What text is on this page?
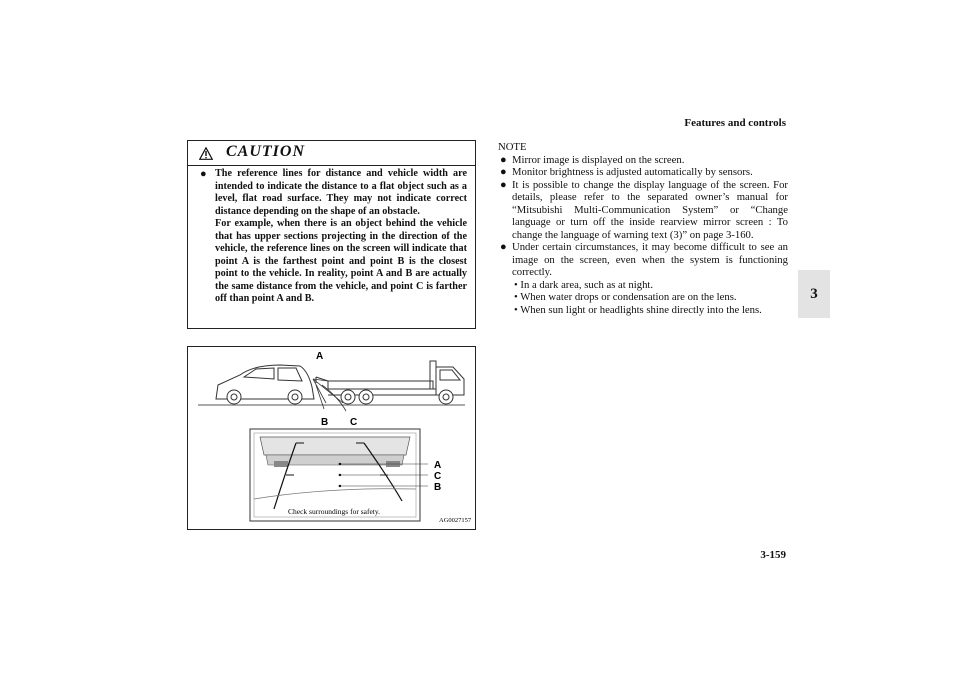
Features and controls
3
CAUTION
● The reference lines for distance and vehicle width are intended to indicate the distance to a flat object such as a level, flat road surface. They may not indicate correct distance depending on the shape of an obstacle.

For example, when there is an object behind the vehicle that has upper sections projecting in the direction of the vehicle, the reference lines on the screen will indicate that point A is the farthest point and point B is the closest point to the vehicle. In reality, point A and B are actually the same distance from the vehicle, and point C is farther off than point A and B.

A
B C
A
C
B
Check surroundings for safety.
AG0027157
NOTE
● Mirror image is displayed on the screen.
● Monitor brightness is adjusted automatically by sensors.
● It is possible to change the display language of the screen. For details, please refer to the separated owner’s manual for “Mitsubishi Multi-Communication System” or “Change language or turn off the inside rearview mirror screen : To change the language of warning text (3)” on page 3-160.
● Under certain circumstances, it may become difficult to see an image on the screen, even when the system is functioning correctly.
• In a dark area, such as at night.
• When water drops or condensation are on the lens.
• When sun light or headlights shine directly into the lens.
3-159
